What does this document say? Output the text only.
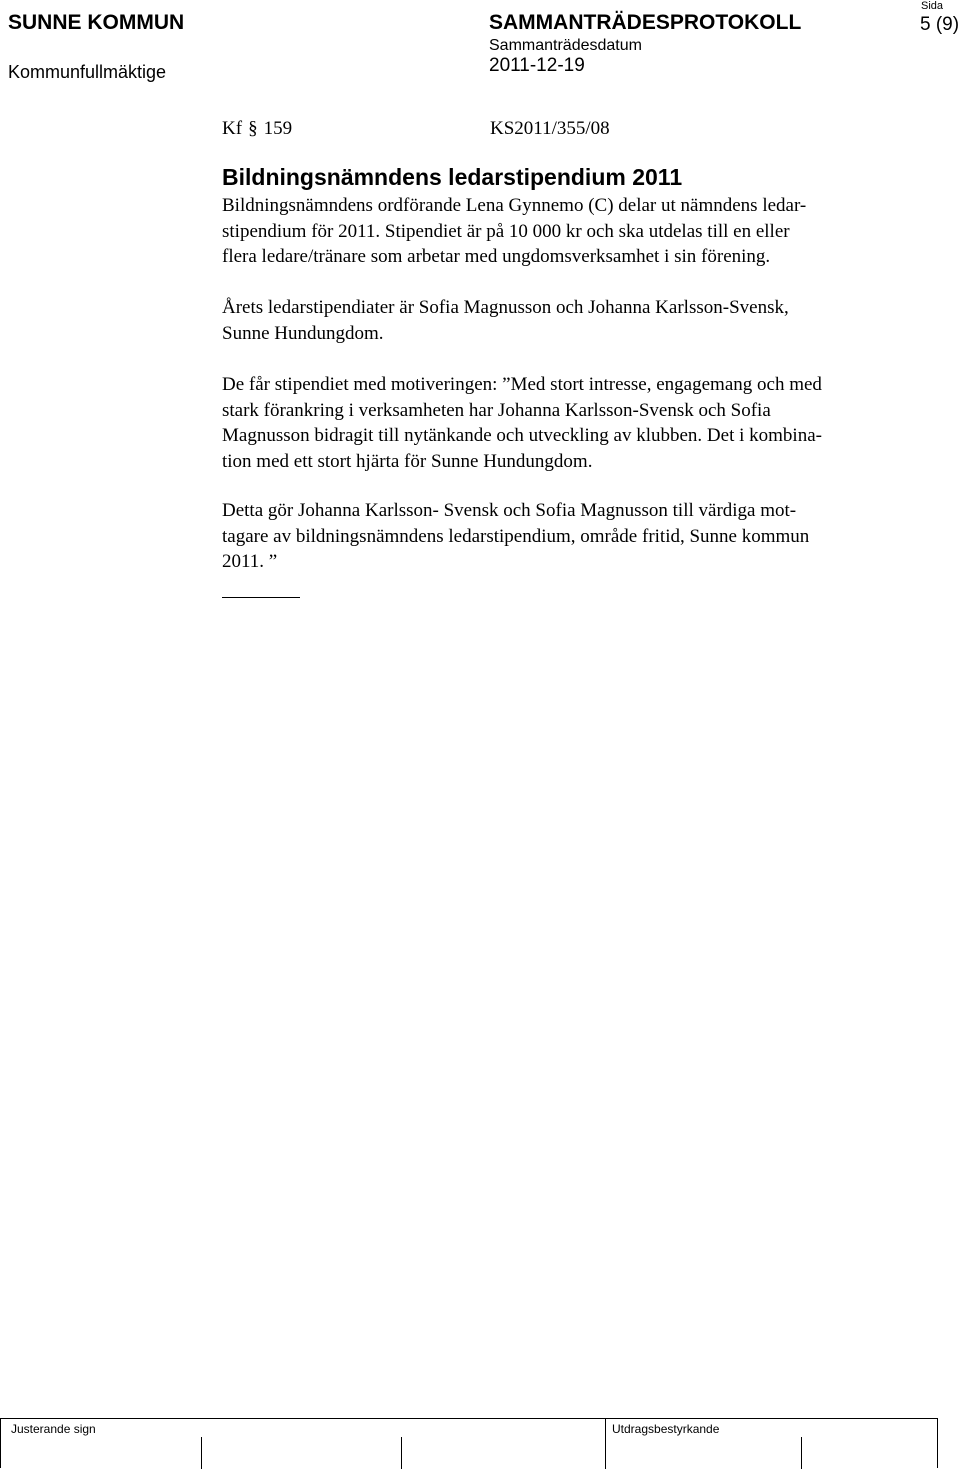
SUNNE KOMMUN	SAMMANTRÄDESPROTOKOLL
Sida
5 (9)
Kommunfullmäktige
Sammanträdesdatum
2011-12-19
Kf § 159	KS2011/355/08
Bildningsnämndens ledarstipendium 2011

Bildningsnämndens ordförande Lena Gynnemo (C) delar ut nämndens ledar-

stipendium för 2011. Stipendiet är på 10 000 kr och ska utdelas till en eller

flera ledare/tränare som arbetar med ungdomsverksamhet i sin förening.

Årets ledarstipendiater är Sofia Magnusson och Johanna Karlsson-Svensk,

Sunne Hundungdom.

De får stipendiet med motiveringen: ”Med stort intresse, engagemang och med

stark förankring i verksamheten har Johanna Karlsson-Svensk och Sofia

Magnusson bidragit till nytänkande och utveckling av klubben. Det i kombina-

tion med ett stort hjärta för Sunne Hundungdom.

Detta gör Johanna Karlsson- Svensk och Sofia Magnusson till värdiga mot-

tagare av bildningsnämndens ledarstipendium, område fritid, Sunne kommun

2011. ”

Justerande sign	Utdragsbestyrkande
